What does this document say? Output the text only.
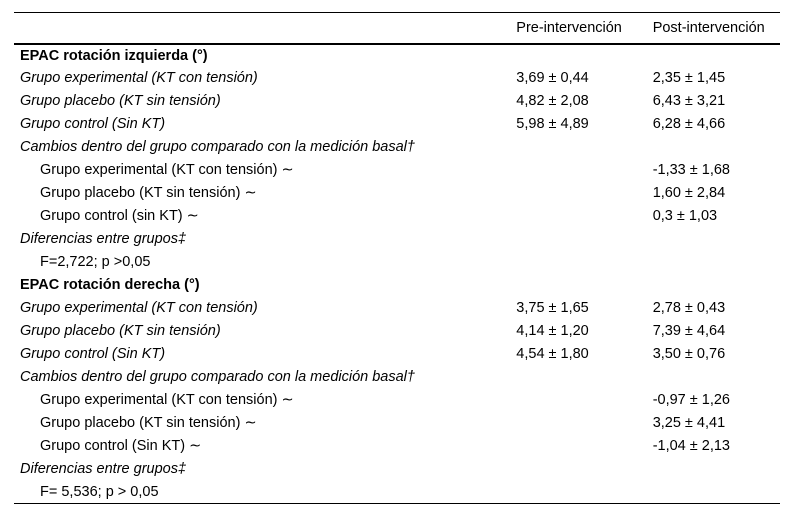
	Pre-intervención	Post-intervención
EPAC rotación izquierda (°)		
Grupo experimental (KT con tensión)	3,69 ± 0,44	2,35 ± 1,45
Grupo placebo (KT sin tensión)	4,82 ± 2,08	6,43 ± 3,21
Grupo control (Sin KT)	5,98 ± 4,89	6,28 ± 4,66
Cambios dentro del grupo comparado con la medición basal†		
Grupo experimental (KT con tensión) ∼		-1,33 ± 1,68
Grupo placebo (KT sin tensión) ∼		1,60 ± 2,84
Grupo control (sin KT) ∼		0,3 ± 1,03
Diferencias entre grupos‡		
F=2,722; p >0,05		
EPAC rotación derecha (°)		
Grupo experimental (KT con tensión)	3,75 ± 1,65	2,78 ± 0,43
Grupo placebo (KT sin tensión)	4,14 ± 1,20	7,39 ± 4,64
Grupo control (Sin KT)	4,54 ± 1,80	3,50 ± 0,76
Cambios dentro del grupo comparado con la medición basal†		
Grupo experimental (KT con tensión) ∼		-0,97 ± 1,26
Grupo placebo (KT sin tensión) ∼		3,25 ± 4,41
Grupo control (Sin KT) ∼		-1,04 ± 2,13
Diferencias entre grupos‡		
F= 5,536; p > 0,05		
